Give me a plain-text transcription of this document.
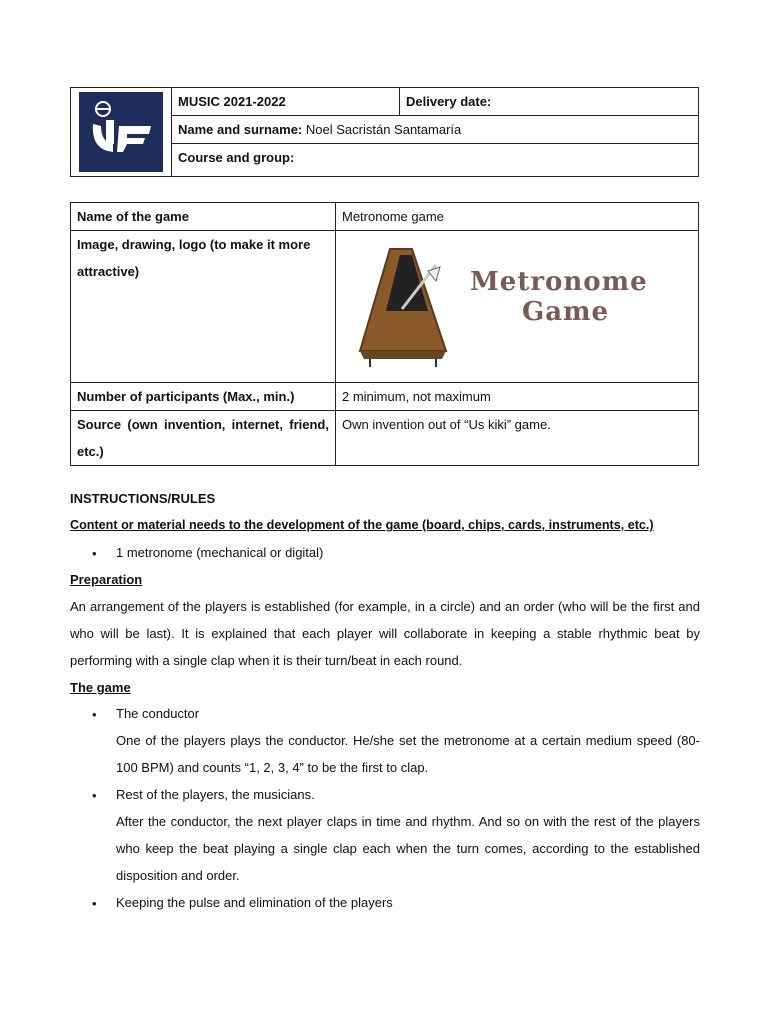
	MUSIC 2021-2022	Delivery date:
Name and surname: Noel Sacristán Santamaría
Course and group:
Name of the game	Metronome game
Image, drawing, logo (to make it more attractive)	Metronome
Game

Number of participants (Max., min.)	2 minimum, not maximum
Source (own invention, internet, friend, etc.)	Own invention out of “Us kiki” game.
INSTRUCTIONS/RULES
Content or material needs to the development of the game (board, chips, cards, instruments, etc.)
• 1 metronome (mechanical or digital)
Preparation
An arrangement of the players is established (for example, in a circle) and an order (who will be the first and who will be last). It is explained that each player will collaborate in keeping a stable rhythmic beat by performing with a single clap when it is their turn/beat in each round.
The game
• The conductor
One of the players plays the conductor. He/she set the metronome at a certain medium speed (80-100 BPM) and counts “1, 2, 3, 4” to be the first to clap.
• Rest of the players, the musicians.
After the conductor, the next player claps in time and rhythm. And so on with the rest of the players who keep the beat playing a single clap each when the turn comes, according to the established disposition and order.
• Keeping the pulse and elimination of the players
